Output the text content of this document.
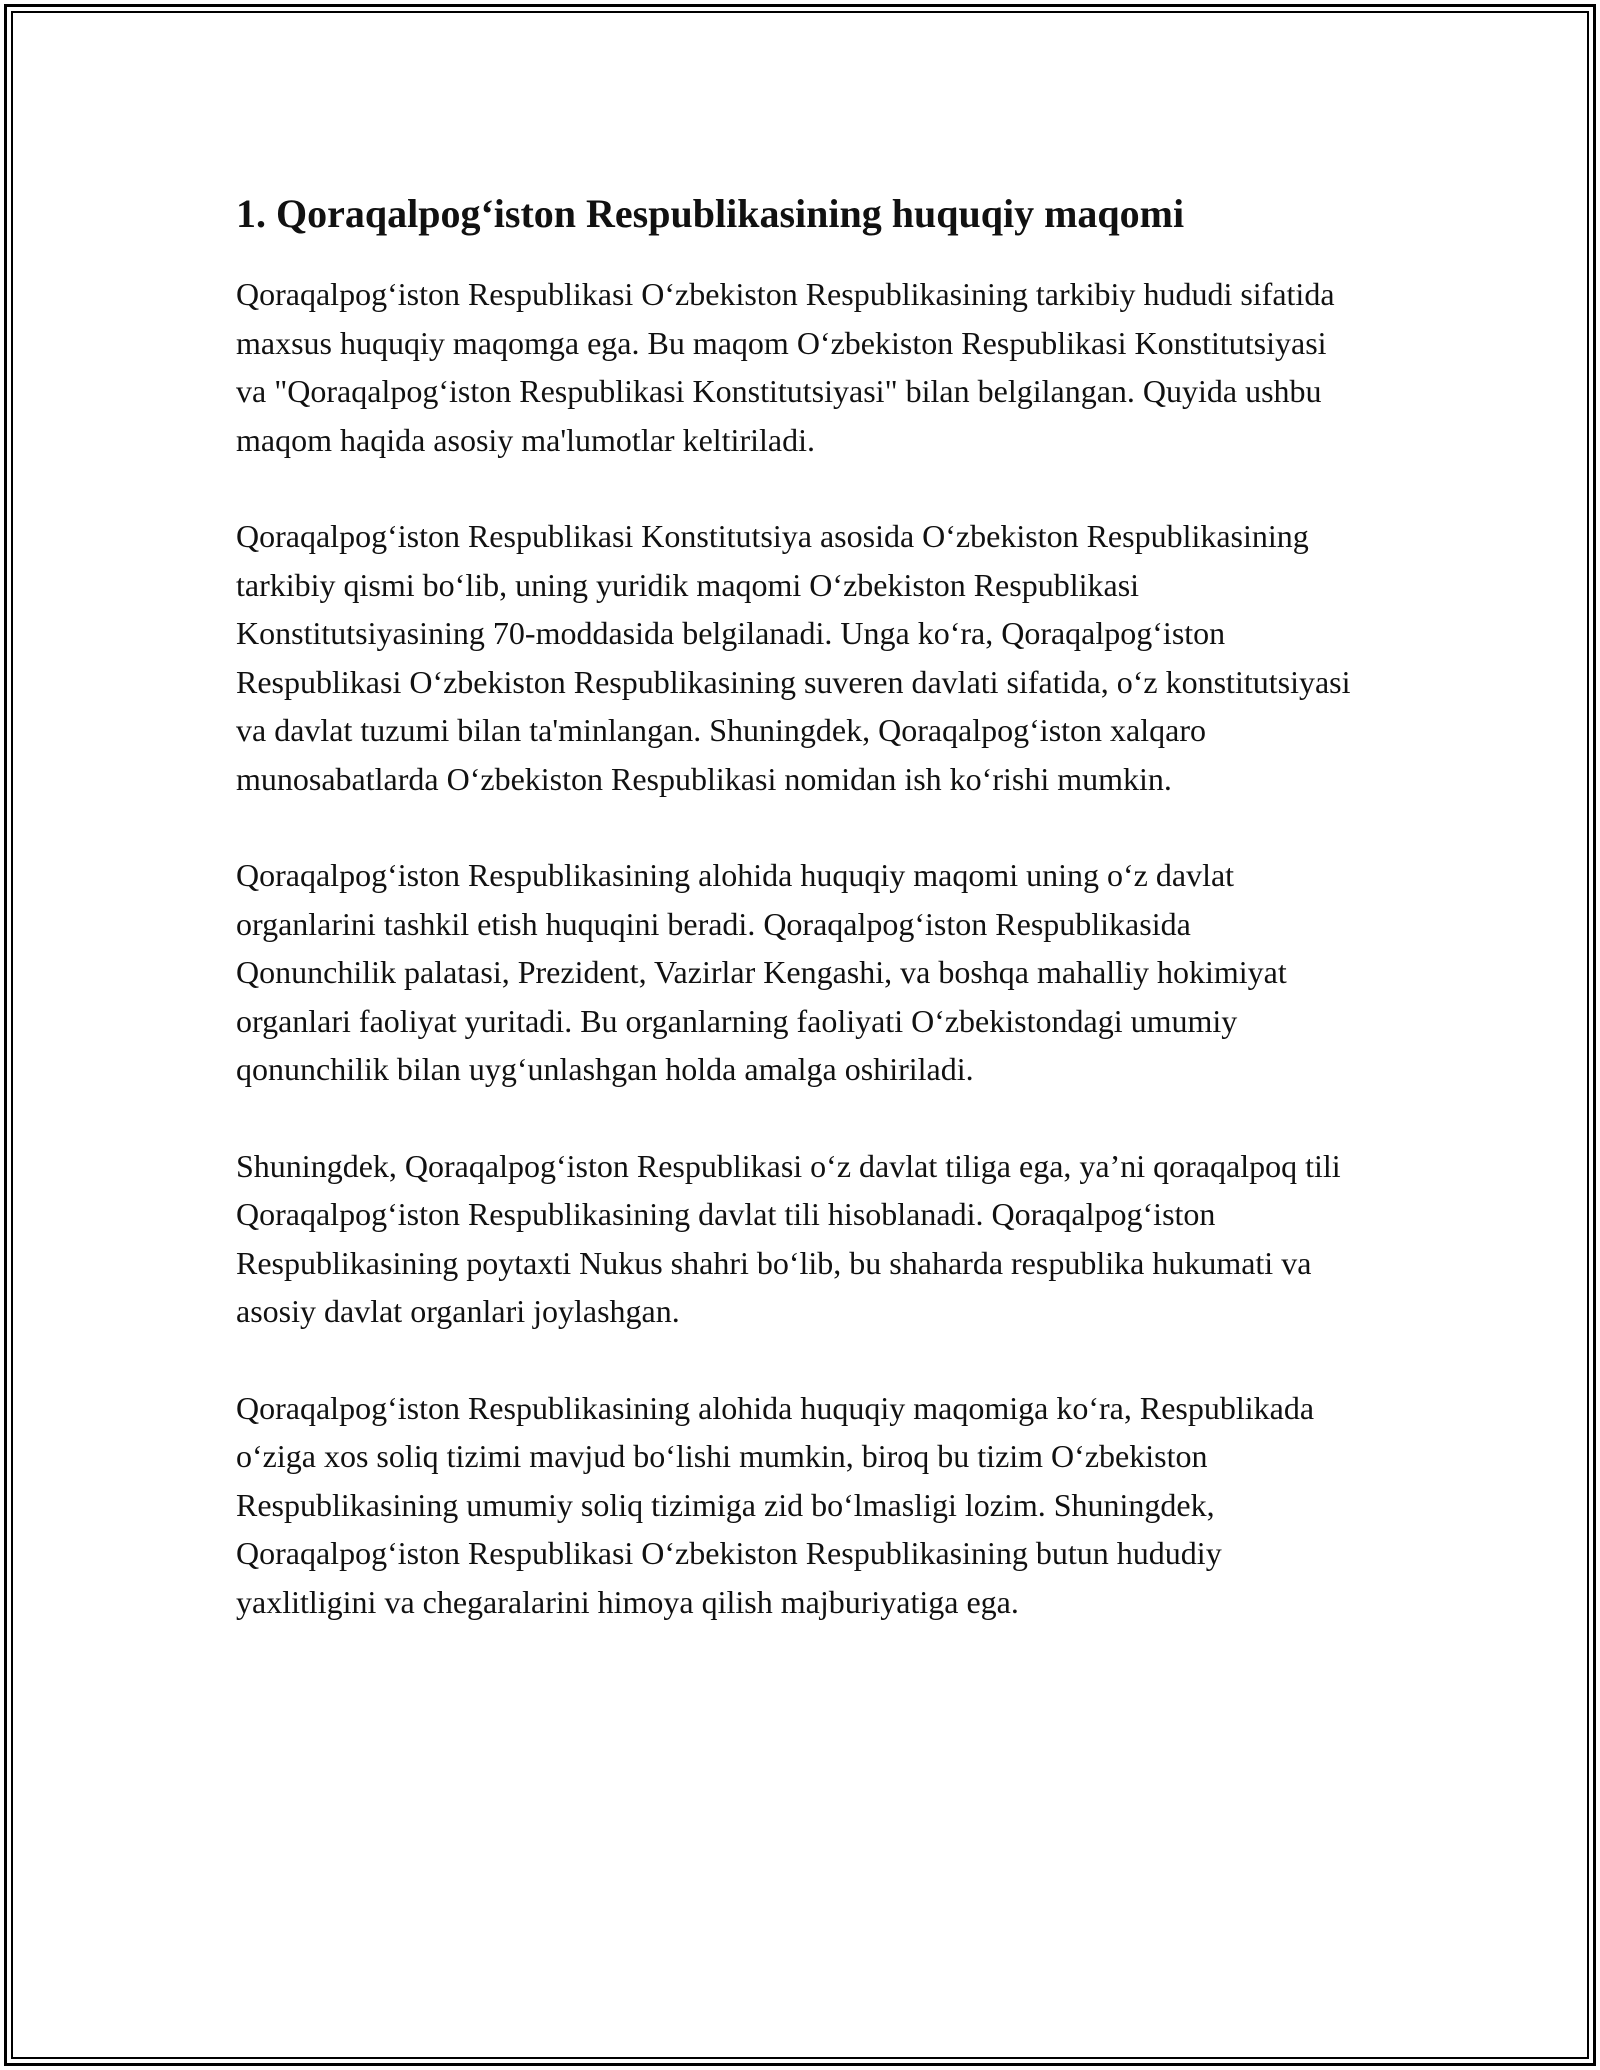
1. Qoraqalpog‘iston Respublikasining huquqiy maqomi

Qoraqalpog‘iston Respublikasi O‘zbekiston Respublikasining tarkibiy hududi sifatida maxsus huquqiy maqomga ega. Bu maqom O‘zbekiston Respublikasi Konstitutsiyasi va "Qoraqalpog‘iston Respublikasi Konstitutsiyasi" bilan belgilangan. Quyida ushbu maqom haqida asosiy ma'lumotlar keltiriladi.

Qoraqalpog‘iston Respublikasi Konstitutsiya asosida O‘zbekiston Respublikasining tarkibiy qismi bo‘lib, uning yuridik maqomi O‘zbekiston Respublikasi Konstitutsiyasining 70-moddasida belgilanadi. Unga ko‘ra, Qoraqalpog‘iston Respublikasi O‘zbekiston Respublikasining suveren davlati sifatida, o‘z konstitutsiyasi va davlat tuzumi bilan ta'minlangan. Shuningdek, Qoraqalpog‘iston xalqaro munosabatlarda O‘zbekiston Respublikasi nomidan ish ko‘rishi mumkin.

Qoraqalpog‘iston Respublikasining alohida huquqiy maqomi uning o‘z davlat organlarini tashkil etish huquqini beradi. Qoraqalpog‘iston Respublikasida Qonunchilik palatasi, Prezident, Vazirlar Kengashi, va boshqa mahalliy hokimiyat organlari faoliyat yuritadi. Bu organlarning faoliyati O‘zbekistondagi umumiy qonunchilik bilan uyg‘unlashgan holda amalga oshiriladi.

Shuningdek, Qoraqalpog‘iston Respublikasi o‘z davlat tiliga ega, ya’ni qoraqalpoq tili Qoraqalpog‘iston Respublikasining davlat tili hisoblanadi. Qoraqalpog‘iston Respublikasining poytaxti Nukus shahri bo‘lib, bu shaharda respublika hukumati va asosiy davlat organlari joylashgan.

Qoraqalpog‘iston Respublikasining alohida huquqiy maqomiga ko‘ra, Respublikada o‘ziga xos soliq tizimi mavjud bo‘lishi mumkin, biroq bu tizim O‘zbekiston Respublikasining umumiy soliq tizimiga zid bo‘lmasligi lozim. Shuningdek, Qoraqalpog‘iston Respublikasi O‘zbekiston Respublikasining butun hududiy yaxlitligini va chegaralarini himoya qilish majburiyatiga ega.
